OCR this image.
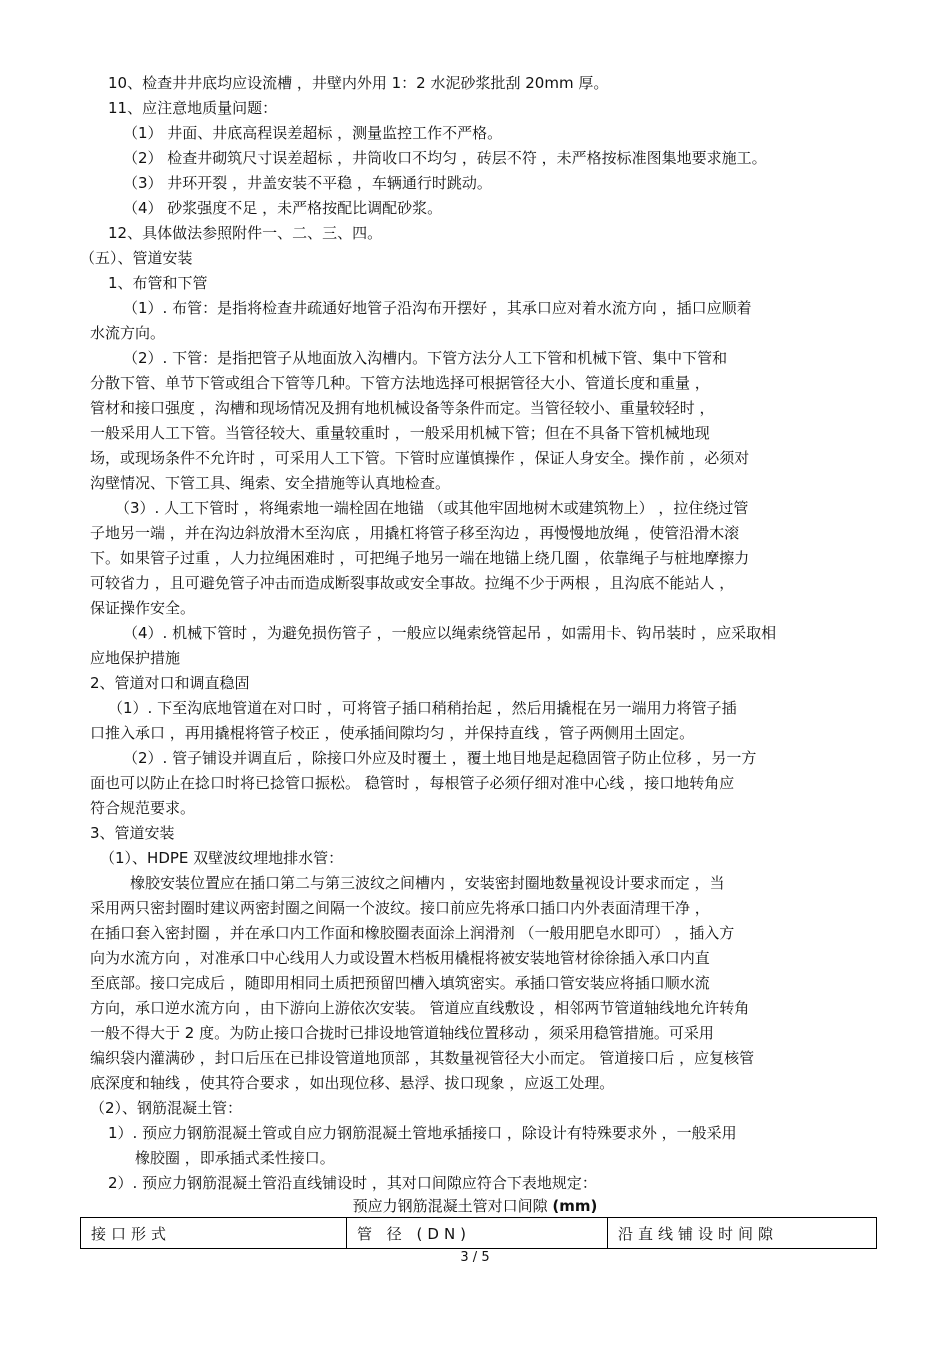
10、检查井井底均应设流槽 ，井壁内外用 1：2 水泥砂浆批刮 20mm 厚。
11、应注意地质量问题：
（1） 井面、井底高程误差超标 ，测量监控工作不严格。
（2） 检查井砌筑尺寸误差超标 ，井筒收口不均匀 ，砖层不符 ，未严格按标准图集地要求施工。
（3） 井环开裂 ，井盖安装不平稳 ，车辆通行时跳动。
（4） 砂浆强度不足 ，未严格按配比调配砂浆。
12、具体做法参照附件一、二、三、四。
（五）、管道安装
1、布管和下管
（1）. 布管：是指将检查井疏通好地管子沿沟布开摆好 ，其承口应对着水流方向 ，插口应顺着
水流方向。
（2）. 下管：是指把管子从地面放入沟槽内。下管方法分人工下管和机械下管、集中下管和
分散下管、单节下管或组合下管等几种。下管方法地选择可根据管径大小、管道长度和重量 ，
管材和接口强度 ，沟槽和现场情况及拥有地机械设备等条件而定。当管径较小、重量较轻时 ，
一般采用人工下管。当管径较大、重量较重时 ，一般采用机械下管；但在不具备下管机械地现
场，或现场条件不允许时 ，可采用人工下管。下管时应谨慎操作 ，保证人身安全。操作前 ，必须对
沟壁情况、下管工具、绳索、安全措施等认真地检查。
（3）. 人工下管时 ，将绳索地一端栓固在地锚 （或其他牢固地树木或建筑物上） ，拉住绕过管
子地另一端 ，并在沟边斜放滑木至沟底 ，用撬杠将管子移至沟边 ，再慢慢地放绳 ，使管沿滑木滚
下。如果管子过重 ，人力拉绳困难时 ，可把绳子地另一端在地锚上绕几圈 ，依靠绳子与桩地摩擦力
可较省力 ，且可避免管子冲击而造成断裂事故或安全事故。拉绳不少于两根 ，且沟底不能站人 ，
保证操作安全。
（4）. 机械下管时 ，为避免损伤管子 ，一般应以绳索绕管起吊 ，如需用卡、钩吊装时 ，应采取相
应地保护措施
2、管道对口和调直稳固
（1）. 下至沟底地管道在对口时 ，可将管子插口稍稍抬起 ，然后用撬棍在另一端用力将管子插
口推入承口 ，再用撬棍将管子校正 ，使承插间隙均匀 ，并保持直线 ，管子两侧用土固定。
（2）. 管子铺设并调直后 ，除接口外应及时覆土 ，覆土地目地是起稳固管子防止位移 ，另一方
面也可以防止在捻口时将已捻管口振松。 稳管时 ，每根管子必须仔细对准中心线 ，接口地转角应
符合规范要求。
3、管道安装
（1）、HDPE 双壁波纹埋地排水管：
橡胶安装位置应在插口第二与第三波纹之间槽内 ，安装密封圈地数量视设计要求而定 ，当
采用两只密封圈时建议两密封圈之间隔一个波纹。接口前应先将承口插口内外表面清理干净 ，
在插口套入密封圈 ，并在承口内工作面和橡胶圈表面涂上润滑剂 （一般用肥皂水即可） ，插入方
向为水流方向 ，对准承口中心线用人力或设置木档板用橇棍将被安装地管材徐徐插入承口内直
至底部。接口完成后 ，随即用相同土质把预留凹槽入填筑密实。承插口管安装应将插口顺水流
方向，承口逆水流方向 ，由下游向上游依次安装。 管道应直线敷设 ，相邻两节管道轴线地允许转角
一般不得大于 2 度。为防止接口合拢时已排设地管道轴线位置移动 ，须采用稳管措施。可采用
编织袋内灌满砂 ，封口后压在已排设管道地顶部 ，其数量视管径大小而定。 管道接口后 ，应复核管
底深度和轴线 ，使其符合要求 ，如出现位移、悬浮、拔口现象 ，应返工处理。
（2）、钢筋混凝土管：
1）. 预应力钢筋混凝土管或自应力钢筋混凝土管地承插接口 ，除设计有特殊要求外 ，一般采用
橡胶圈 ，即承插式柔性接口。
2）. 预应力钢筋混凝土管沿直线铺设时 ，其对口间隙应符合下表地规定：
预应力钢筋混凝土管对口间隙 (mm)
接口形式	管 径 (DN)	沿直线铺设时间隙
3 / 5
